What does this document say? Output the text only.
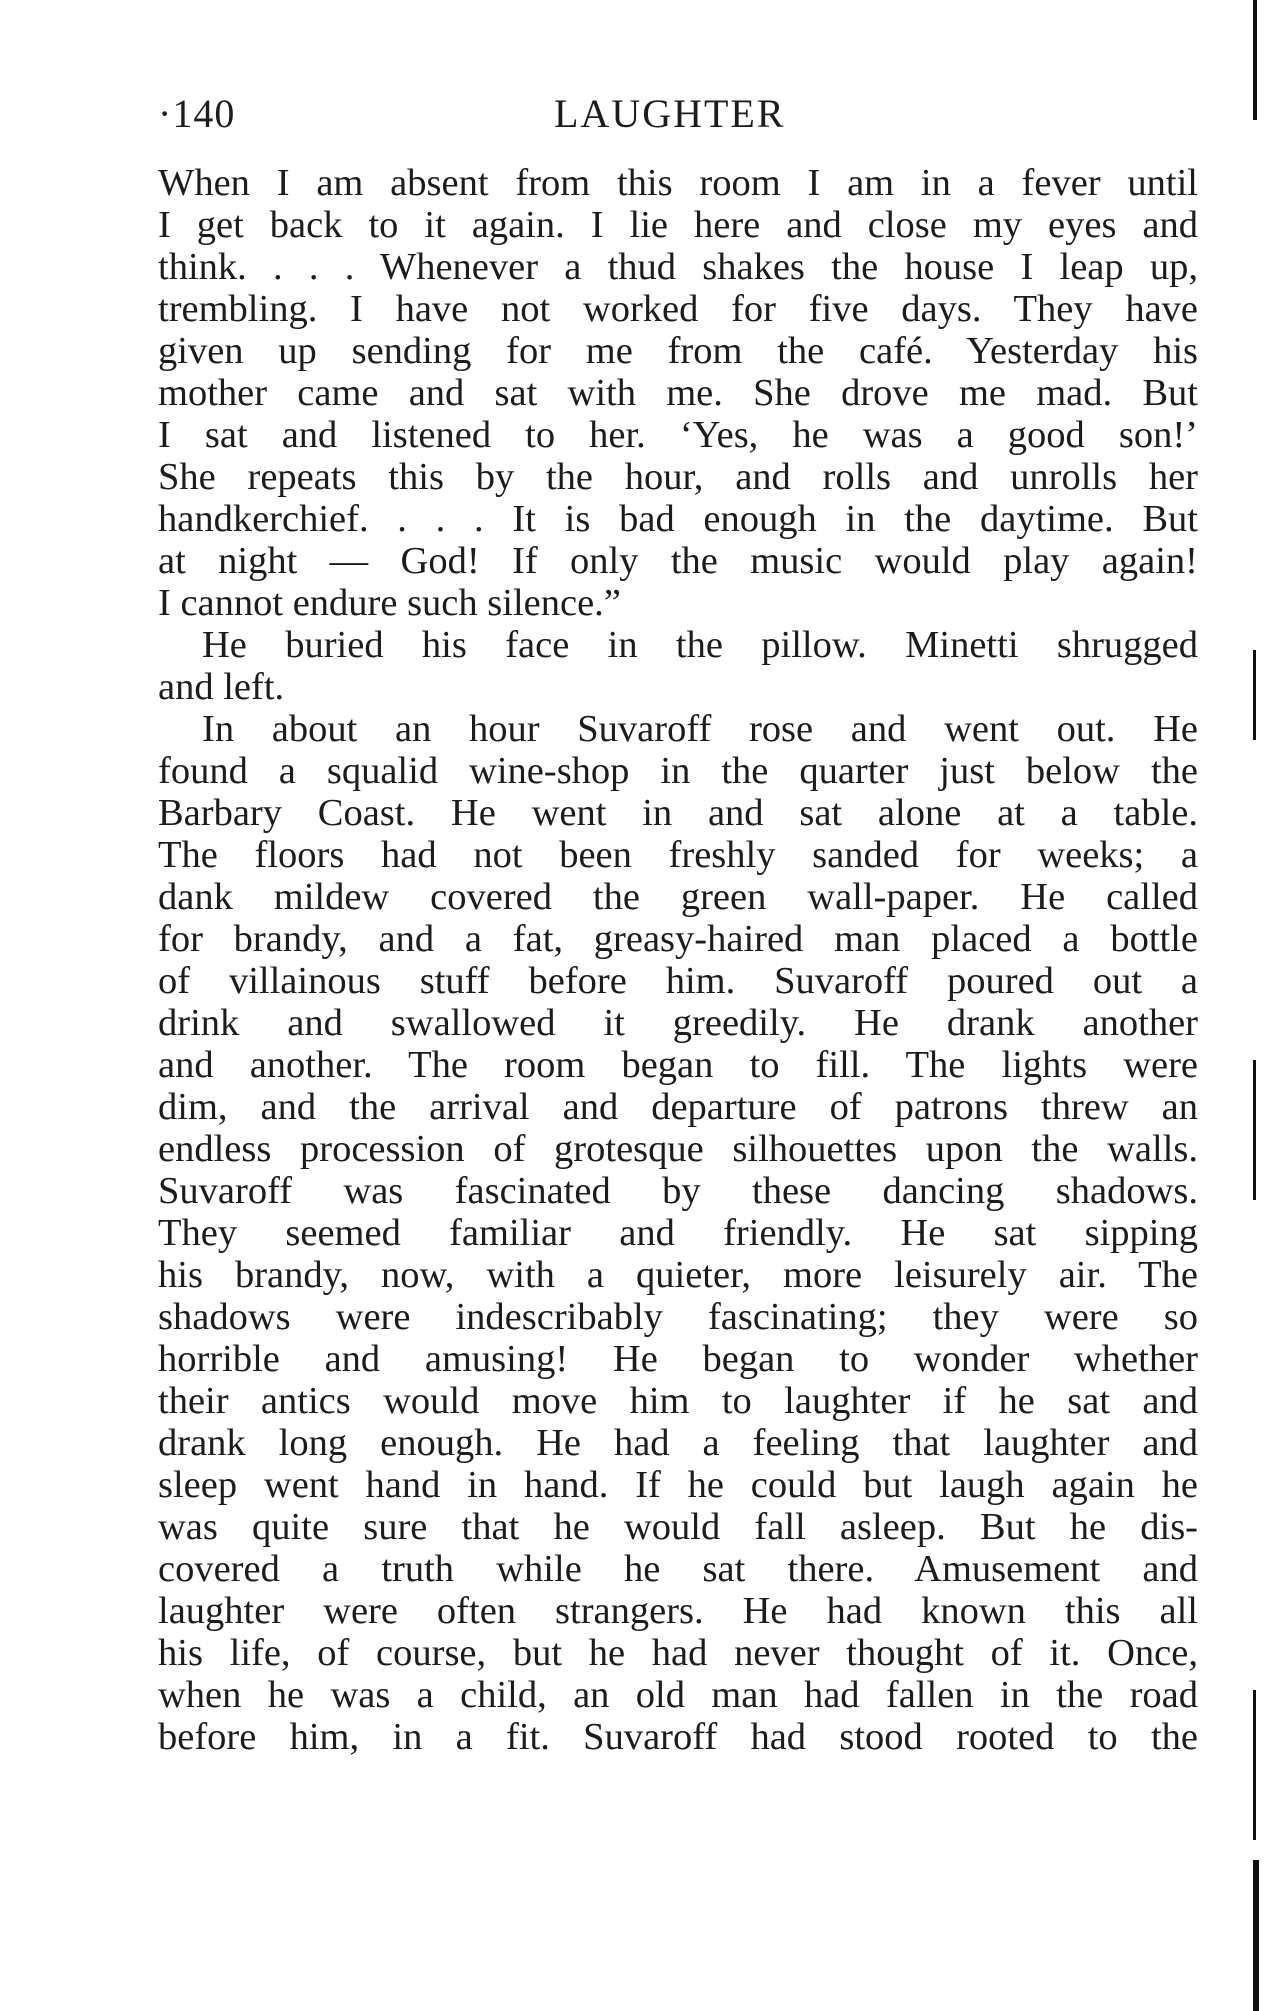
·140	LAUGHTER
When I am absent from this room I am in a fever until
I get back to it again. I lie here and close my eyes and
think. . . . Whenever a thud shakes the house I leap up,
trembling. I have not worked for five days. They have
given up sending for me from the café. Yesterday his
mother came and sat with me. She drove me mad. But
I sat and listened to her. ‘Yes, he was a good son!’
She repeats this by the hour, and rolls and unrolls her
handkerchief. . . . It is bad enough in the daytime. But
at night — God! If only the music would play again!
I cannot endure such silence.”
He buried his face in the pillow. Minetti shrugged
and left.
In about an hour Suvaroff rose and went out. He
found a squalid wine-shop in the quarter just below the
Barbary Coast. He went in and sat alone at a table.
The floors had not been freshly sanded for weeks; a
dank mildew covered the green wall-paper. He called
for brandy, and a fat, greasy-haired man placed a bottle
of villainous stuff before him. Suvaroff poured out a
drink and swallowed it greedily. He drank another
and another. The room began to fill. The lights were
dim, and the arrival and departure of patrons threw an
endless procession of grotesque silhouettes upon the walls.
Suvaroff was fascinated by these dancing shadows.
They seemed familiar and friendly. He sat sipping
his brandy, now, with a quieter, more leisurely air. The
shadows were indescribably fascinating; they were so
horrible and amusing! He began to wonder whether
their antics would move him to laughter if he sat and
drank long enough. He had a feeling that laughter and
sleep went hand in hand. If he could but laugh again he
was quite sure that he would fall asleep. But he dis-
covered a truth while he sat there. Amusement and
laughter were often strangers. He had known this all
his life, of course, but he had never thought of it. Once,
when he was a child, an old man had fallen in the road
before him, in a fit. Suvaroff had stood rooted to the
